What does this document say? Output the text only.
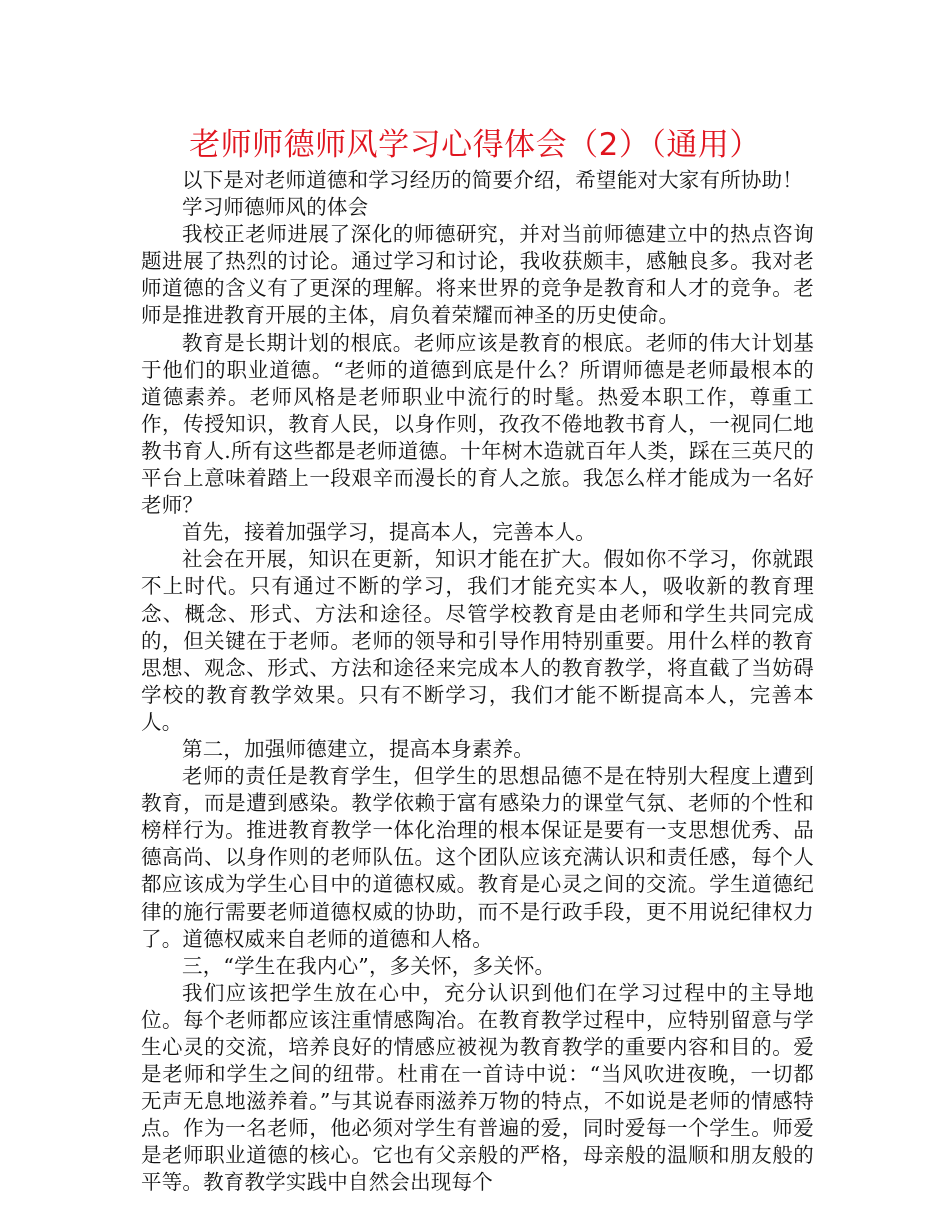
老师师德师风学习心得体会（2）（通用）

以下是对老师道德和学习经历的简要介绍，希望能对大家有所协助！

学习师德师风的体会

我校正老师进展了深化的师德研究，并对当前师德建立中的热点咨询题进展了热烈的讨论。通过学习和讨论，我收获颇丰，感触良多。我对老师道德的含义有了更深的理解。将来世界的竞争是教育和人才的竞争。老师是推进教育开展的主体，肩负着荣耀而神圣的历史使命。

教育是长期计划的根底。老师应该是教育的根底。老师的伟大计划基于他们的职业道德。“老师的道德到底是什么？所谓师德是老师最根本的道德素养。老师风格是老师职业中流行的时髦。热爱本职工作，尊重工作，传授知识，教育人民，以身作则，孜孜不倦地教书育人，一视同仁地教书育人.所有这些都是老师道德。十年树木造就百年人类，踩在三英尺的平台上意味着踏上一段艰辛而漫长的育人之旅。我怎么样才能成为一名好老师？

首先，接着加强学习，提高本人，完善本人。

社会在开展，知识在更新，知识才能在扩大。假如你不学习，你就跟不上时代。只有通过不断的学习，我们才能充实本人，吸收新的教育理念、概念、形式、方法和途径。尽管学校教育是由老师和学生共同完成的，但关键在于老师。老师的领导和引导作用特别重要。用什么样的教育思想、观念、形式、方法和途径来完成本人的教育教学，将直截了当妨碍学校的教育教学效果。只有不断学习，我们才能不断提高本人，完善本人。

第二，加强师德建立，提高本身素养。

老师的责任是教育学生，但学生的思想品德不是在特别大程度上遭到教育，而是遭到感染。教学依赖于富有感染力的课堂气氛、老师的个性和榜样行为。推进教育教学一体化治理的根本保证是要有一支思想优秀、品德高尚、以身作则的老师队伍。这个团队应该充满认识和责任感，每个人都应该成为学生心目中的道德权威。教育是心灵之间的交流。学生道德纪律的施行需要老师道德权威的协助，而不是行政手段，更不用说纪律权力了。道德权威来自老师的道德和人格。

三，“学生在我内心”，多关怀，多关怀。

我们应该把学生放在心中，充分认识到他们在学习过程中的主导地位。每个老师都应该注重情感陶冶。在教育教学过程中，应特别留意与学生心灵的交流，培养良好的情感应被视为教育教学的重要内容和目的。爱是老师和学生之间的纽带。杜甫在一首诗中说：“当风吹进夜晚，一切都无声无息地滋养着。”与其说春雨滋养万物的特点，不如说是老师的情感特点。作为一名老师，他必须对学生有普遍的爱，同时爱每一个学生。师爱是老师职业道德的核心。它也有父亲般的严格，母亲般的温顺和朋友般的平等。教育教学实践中自然会出现每个
